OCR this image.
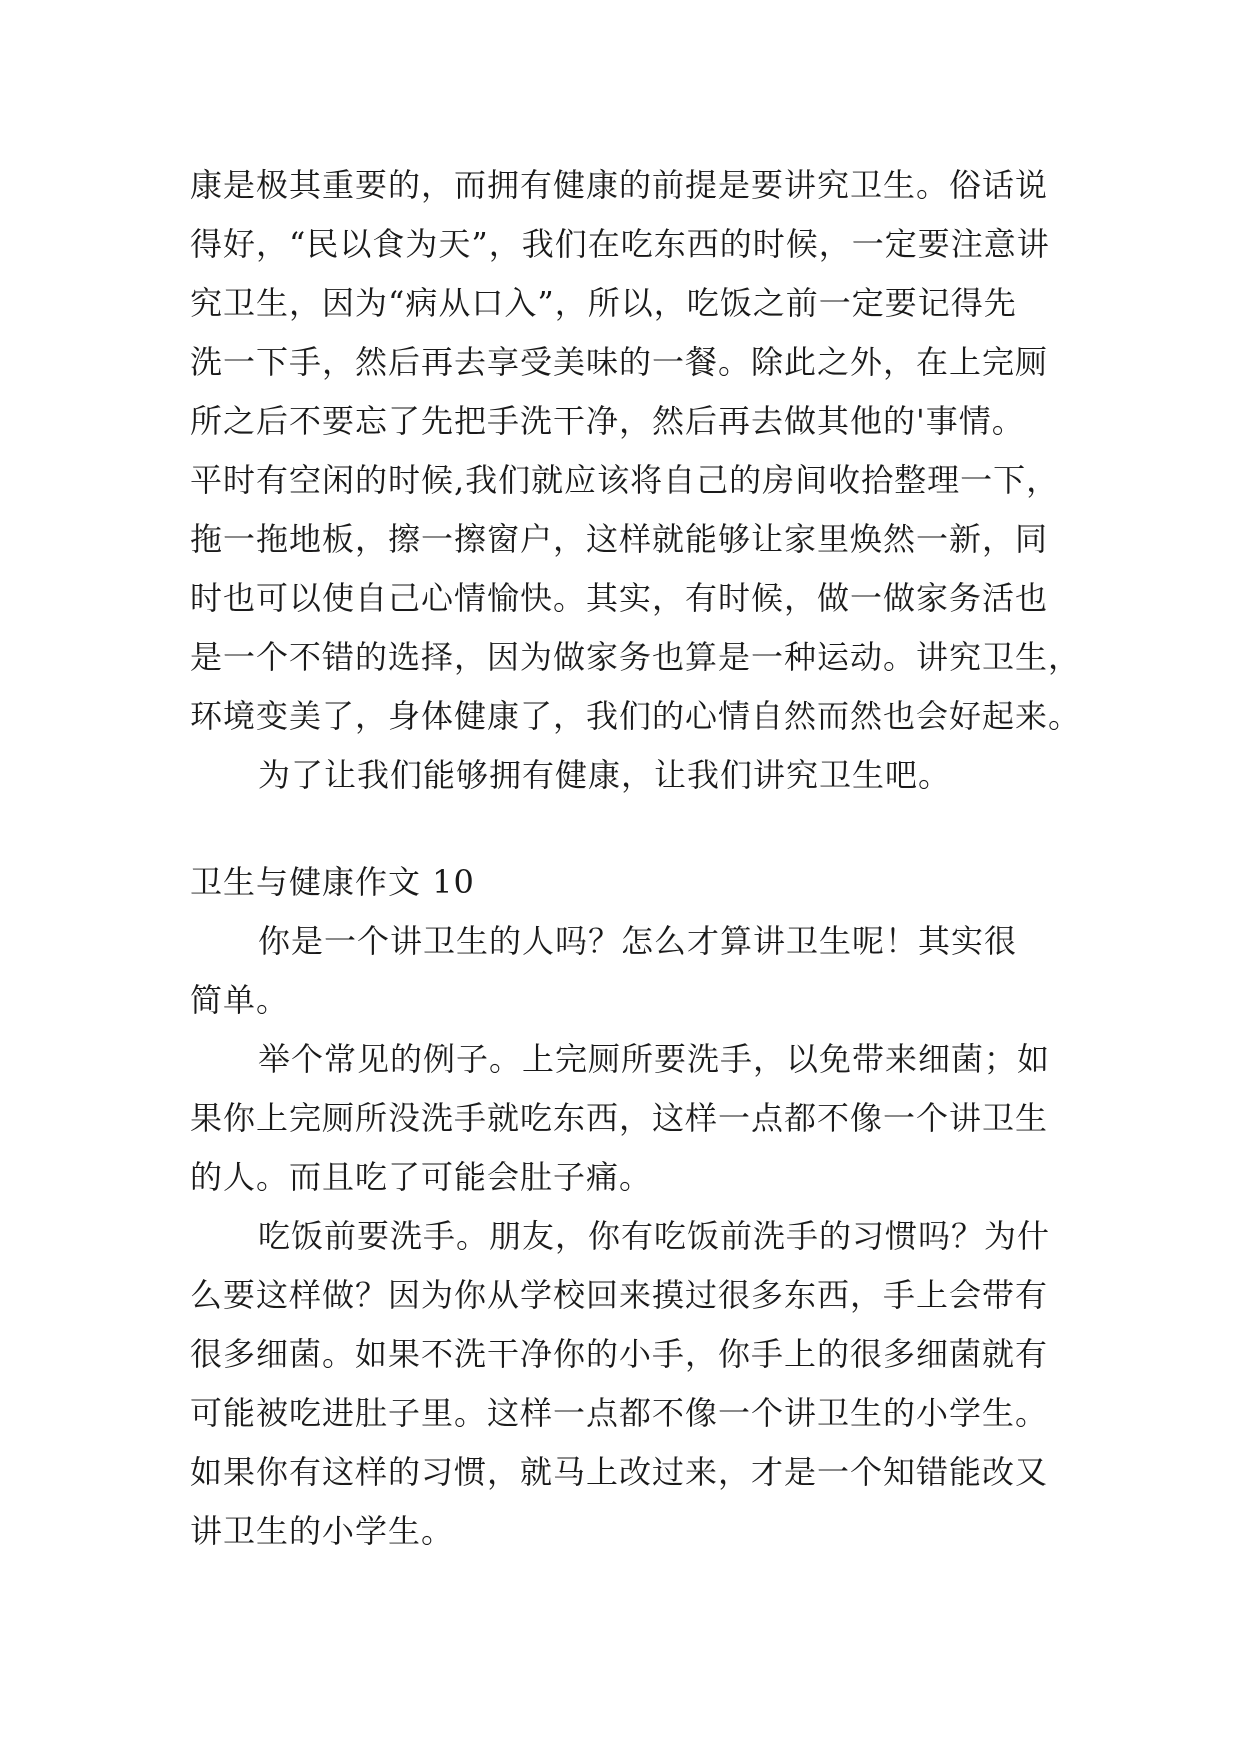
康是极其重要的，而拥有健康的前提是要讲究卫生。俗话说
得好，“民以食为天”，我们在吃东西的时候，一定要注意讲
究卫生，因为“病从口入”，所以，吃饭之前一定要记得先
洗一下手，然后再去享受美味的一餐。除此之外，在上完厕
所之后不要忘了先把手洗干净，然后再去做其他的'事情。
平时有空闲的时候,我们就应该将自己的房间收拾整理一下，
拖一拖地板，擦一擦窗户，这样就能够让家里焕然一新，同
时也可以使自己心情愉快。其实，有时候，做一做家务活也
是一个不错的选择，因为做家务也算是一种运动。讲究卫生，
环境变美了，身体健康了，我们的心情自然而然也会好起来。
为了让我们能够拥有健康，让我们讲究卫生吧。
卫生与健康作文 10
你是一个讲卫生的人吗？怎么才算讲卫生呢！其实很
简单。
举个常见的例子。上完厕所要洗手，以免带来细菌；如
果你上完厕所没洗手就吃东西，这样一点都不像一个讲卫生
的人。而且吃了可能会肚子痛。
吃饭前要洗手。朋友，你有吃饭前洗手的习惯吗？为什
么要这样做？因为你从学校回来摸过很多东西，手上会带有
很多细菌。如果不洗干净你的小手，你手上的很多细菌就有
可能被吃进肚子里。这样一点都不像一个讲卫生的小学生。
如果你有这样的习惯，就马上改过来，才是一个知错能改又
讲卫生的小学生。
